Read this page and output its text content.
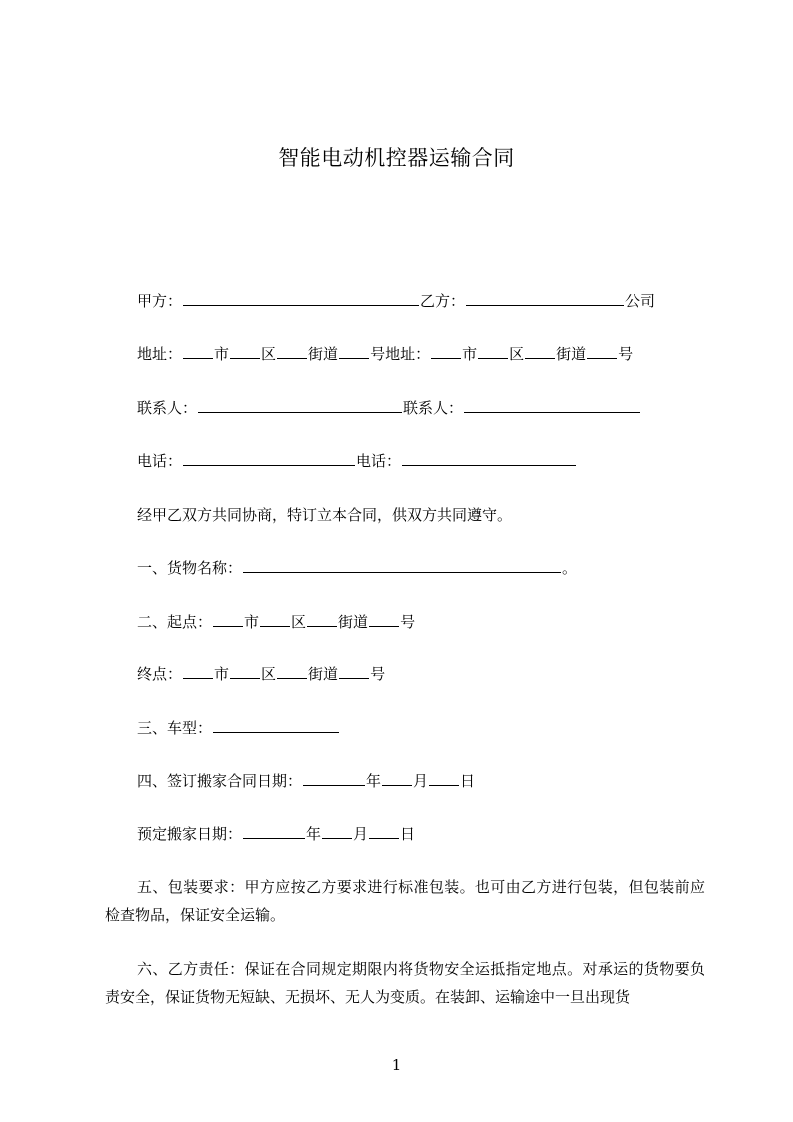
智能电动机控器运输合同
甲方：	乙方：	公司
地址： 市 区 街道 号地址： 市 区 街道 号
联系人：	联系人：
电话：	电话：
经甲乙双方共同协商，特订立本合同，供双方共同遵守。
一、货物名称：	。
二、起点： 市 区 街道 号
终点： 市 区 街道 号
三、车型：
四、签订搬家合同日期：	年 月 日
预定搬家日期：	年 月 日
五、包装要求：甲方应按乙方要求进行标准包装。也可由乙方进行包装，但包装前应检查物品，保证安全运输。
六、乙方责任：保证在合同规定期限内将货物安全运抵指定地点。对承运的货物要负责安全，保证货物无短缺、无损坏、无人为变质。在装卸、运输途中一旦出现货
1
